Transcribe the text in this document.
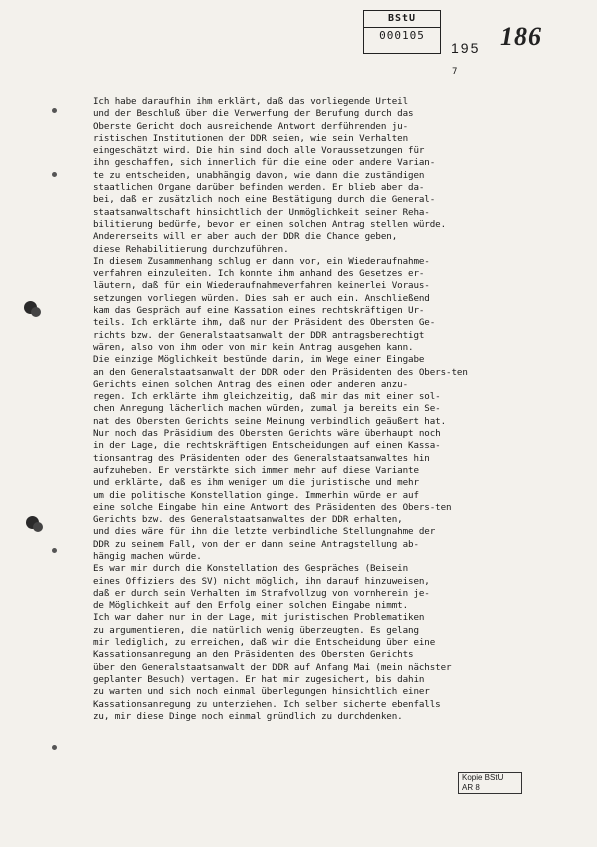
BStU
000105
195 186
7
Ich habe daraufhin ihm erklärt, daß das vorliegende Urteil
und der Beschluß über die Verwerfung der Berufung durch das
Oberste Gericht doch ausreichende Antwort derführenden ju-
ristischen Institutionen der DDR seien, wie sein Verhalten
eingeschätzt wird. Die hin sind doch alle Voraussetzungen für
ihn geschaffen, sich innerlich für die eine oder andere Varian-
te zu entscheiden, unabhängig davon, wie dann die zuständigen
staatlichen Organe darüber befinden werden. Er blieb aber da-
bei, daß er zusätzlich noch eine Bestätigung durch die General-
staatsanwaltschaft hinsichtlich der Unmöglichkeit seiner Reha-
bilitierung bedürfe, bevor er einen solchen Antrag stellen würde.
Andererseits will er aber auch der DDR die Chance geben,
diese Rehabilitierung durchzuführen.
In diesem Zusammenhang schlug er dann vor, ein Wiederaufnahme-
verfahren einzuleiten. Ich konnte ihm anhand des Gesetzes er-
läutern, daß für ein Wiederaufnahmeverfahren keinerlei Voraus-
setzungen vorliegen würden. Dies sah er auch ein. Anschließend
kam das Gespräch auf eine Kassation eines rechtskräftigen Ur-
teils. Ich erklärte ihm, daß nur der Präsident des Obersten Ge-
richts bzw. der Generalstaatsanwalt der DDR antragsberechtigt
wären, also von ihm oder von mir kein Antrag ausgehen kann.
Die einzige Möglichkeit bestünde darin, im Wege einer Eingabe
an den Generalstaatsanwalt der DDR oder den Präsidenten des Obers-ten
Gerichts einen solchen Antrag des einen oder anderen anzu-
regen. Ich erklärte ihm gleichzeitig, daß mir das mit einer sol-
chen Anregung lächerlich machen würden, zumal ja bereits ein Se-
nat des Obersten Gerichts seine Meinung verbindlich geäußert hat.
Nur noch das Präsidium des Obersten Gerichts wäre überhaupt noch
in der Lage, die rechtskräftigen Entscheidungen auf einen Kassa-
tionsantrag des Präsidenten oder des Generalstaatsanwaltes hin
aufzuheben. Er verstärkte sich immer mehr auf diese Variante
und erklärte, daß es ihm weniger um die juristische und mehr
um die politische Konstellation ginge. Immerhin würde er auf
eine solche Eingabe hin eine Antwort des Präsidenten des Obers-ten
Gerichts bzw. des Generalstaatsanwaltes der DDR erhalten,
und dies wäre für ihn die letzte verbindliche Stellungnahme der
DDR zu seinem Fall, von der er dann seine Antragstellung ab-
hängig machen würde.
Es war mir durch die Konstellation des Gespräches (Beisein
eines Offiziers des SV) nicht möglich, ihn darauf hinzuweisen,
daß er durch sein Verhalten im Strafvollzug von vornherein je-
de Möglichkeit auf den Erfolg einer solchen Eingabe nimmt.
Ich war daher nur in der Lage, mit juristischen Problematiken
zu argumentieren, die natürlich wenig überzeugten. Es gelang
mir lediglich, zu erreichen, daß wir die Entscheidung über eine
Kassationsanregung an den Präsidenten des Obersten Gerichts
über den Generalstaatsanwalt der DDR auf Anfang Mai (mein nächster
geplanter Besuch) vertagen. Er hat mir zugesichert, bis dahin
zu warten und sich noch einmal überlegungen hinsichtlich einer
Kassationsanregung zu unterziehen. Ich selber sicherte ebenfalls
zu, mir diese Dinge noch einmal gründlich zu durchdenken.
Kopie BStU
AR 8
